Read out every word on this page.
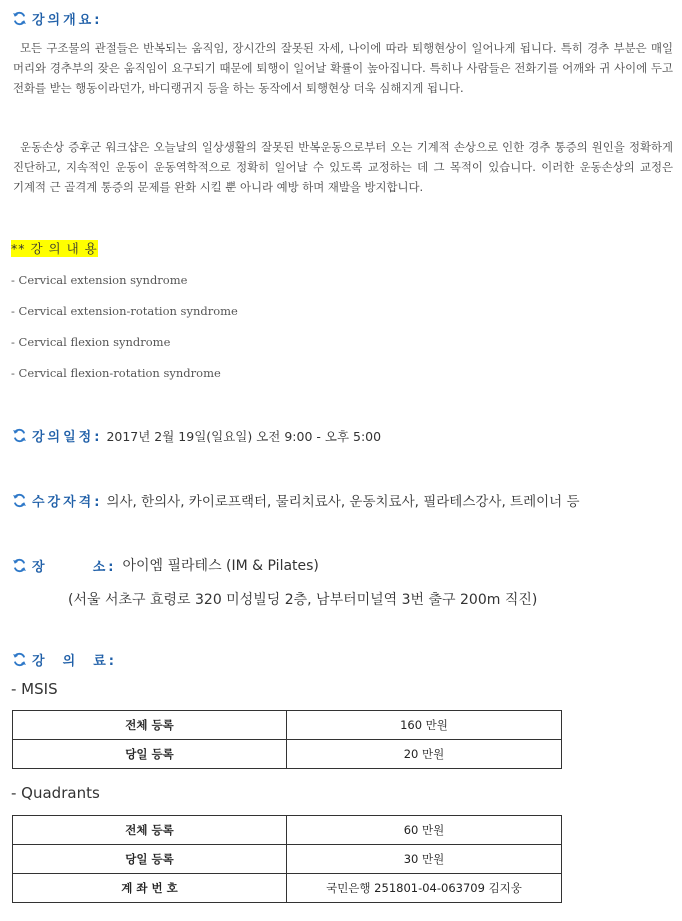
강의개요:
모든 구조물의 관절들은 반복되는 움직임, 장시간의 잘못된 자세, 나이에 따라 퇴행현상이 일어나게 됩니다. 특히 경추 부분은 매일 머리와 경추부의 잦은 움직임이 요구되기 때문에 퇴행이 일어날 확률이 높아집니다. 특히나 사람들은 전화기를 어깨와 귀 사이에 두고 전화를 받는 행동이라던가, 바디랭귀지 등을 하는 동작에서 퇴행현상 더욱 심해지게 됩니다.
운동손상 증후군 워크샵은 오늘날의 일상생활의 잘못된 반복운동으로부터 오는 기계적 손상으로 인한 경추 통증의 원인을 정확하게 진단하고, 지속적인 운동이 운동역학적으로 정확히 일어날 수 있도록 교정하는 데 그 목적이 있습니다. 이러한 운동손상의 교정은 기계적 근 골격계 통증의 문제를 완화 시킬 뿐 아니라 예방 하며 재발을 방지합니다.
** 강 의 내 용
- Cervical extension syndrome
- Cervical extension-rotation syndrome
- Cervical flexion syndrome
- Cervical flexion-rotation syndrome
강의일정: 2017년 2월 19일(일요일) 오전 9:00 - 오후 5:00
수강자격: 의사, 한의사, 카이로프랙터, 물리치료사, 운동치료사, 필라테스강사, 트레이너 등
장      소: 아이엠 필라테스 (IM & Pilates)
(서울 서초구 효령로 320 미성빌딩 2층, 남부터미널역 3번 출구 200m 직진)
강  의  료:
- MSIS
전체 등록	160 만원
당일 등록	20 만원
- Quadrants
전체 등록	60 만원
당일 등록	30 만원
계 좌 번 호	국민은행 251801-04-063709 김지웅
